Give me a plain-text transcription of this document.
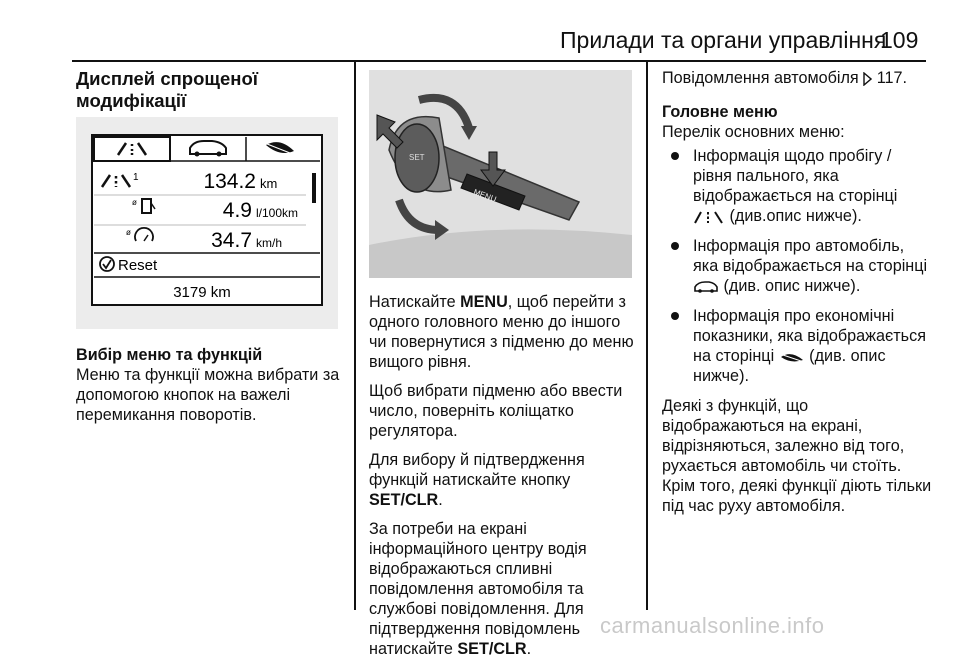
Прилади та органи управління
109
Дисплей спрощеної модифікації
1	134.2 km
ø	4.9 l/100km
ø	34.7 km/h
Reset
3179 km
Вибір меню та функцій

Меню та функції можна вибрати за допомогою кнопок на важелі перемикання поворотів.

SET
MENU

Натискайте MENU, щоб перейти з одного головного меню до іншого чи повернутися з підменю до меню вищого рівня.

Щоб вибрати підменю або ввести число, поверніть коліщатко регулятора.

Для вибору й підтвердження функцій натискайте кнопку SET/CLR.

За потреби на екрані інформаційного центру водія відображаються спливні повідомлення автомобіля та службові повідомлення. Для підтвердження повідомлень натискайте SET/CLR.

Повідомлення автомобіля  117.

Головне меню

Перелік основних меню:

Інформація щодо пробігу / рівня пального, яка відображається на сторінці  (див.опис нижче).
Інформація про автомобіль, яка відображається на сторінці  (див. опис нижче).
Інформація про економічні показники, яка відображається на сторінці  (див. опис нижче).

Деякі з функцій, що відображаються на екрані, відрізняються, залежно від того, рухається автомобіль чи стоїть.

Крім того, деякі функції діють тільки під час руху автомобіля.

carmanualsonline.info
